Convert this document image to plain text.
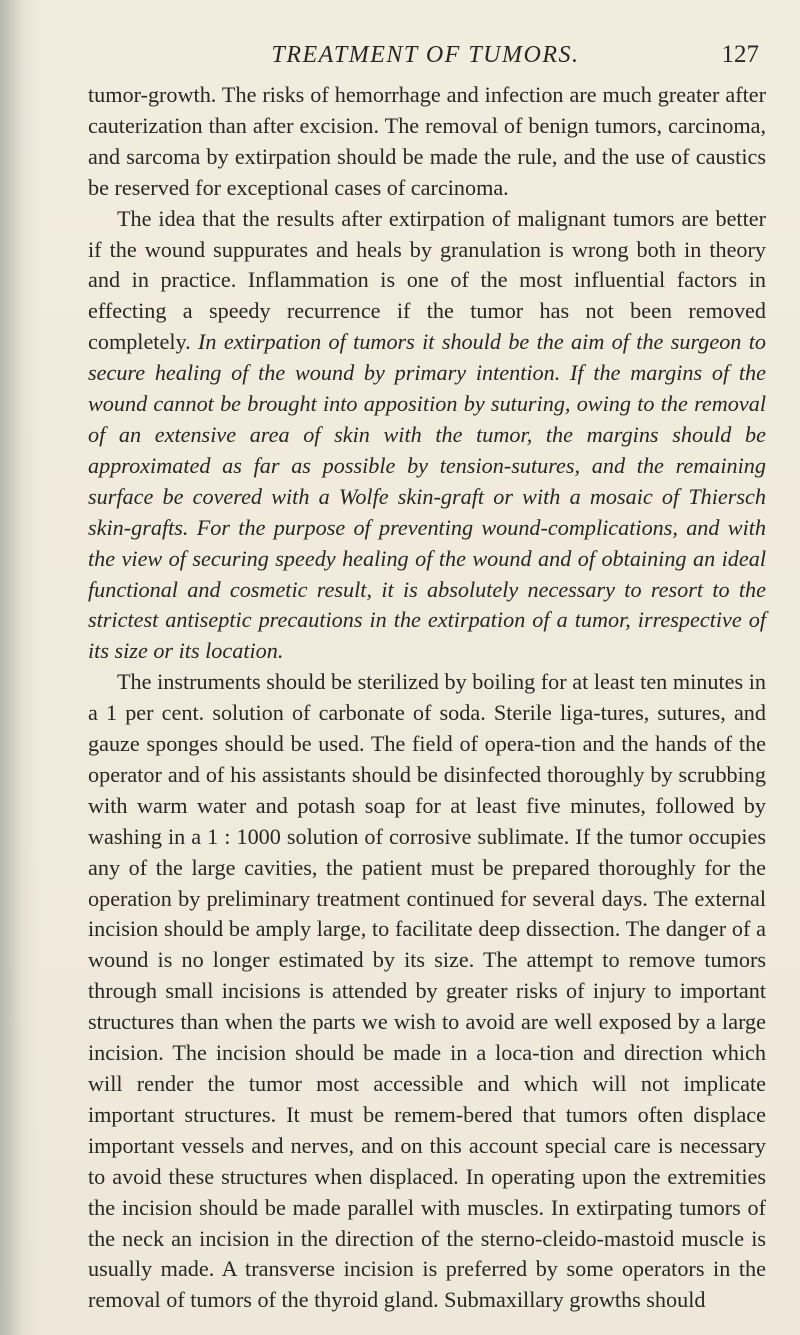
TREATMENT OF TUMORS.	127

tumor-growth. The risks of hemorrhage and infection are much greater after cauterization than after excision. The removal of benign tumors, carcinoma, and sarcoma by extirpation should be made the rule, and the use of caustics be reserved for exceptional cases of carcinoma.

The idea that the results after extirpation of malignant tumors are better if the wound suppurates and heals by granulation is wrong both in theory and in practice. Inflammation is one of the most influential factors in effecting a speedy recurrence if the tumor has not been removed completely. In extirpation of tumors it should be the aim of the surgeon to secure healing of the wound by primary intention. If the margins of the wound cannot be brought into apposition by suturing, owing to the removal of an extensive area of skin with the tumor, the margins should be approximated as far as possible by tension-sutures, and the remaining surface be covered with a Wolfe skin-graft or with a mosaic of Thiersch skin-grafts. For the purpose of preventing wound-complications, and with the view of securing speedy healing of the wound and of obtaining an ideal functional and cosmetic result, it is absolutely necessary to resort to the strictest antiseptic precautions in the extirpation of a tumor, irrespective of its size or its location.

The instruments should be sterilized by boiling for at least ten minutes in a 1 per cent. solution of carbonate of soda. Sterile liga-tures, sutures, and gauze sponges should be used. The field of opera-tion and the hands of the operator and of his assistants should be disinfected thoroughly by scrubbing with warm water and potash soap for at least five minutes, followed by washing in a 1 : 1000 solution of corrosive sublimate. If the tumor occupies any of the large cavities, the patient must be prepared thoroughly for the operation by preliminary treatment continued for several days. The external incision should be amply large, to facilitate deep dissection. The danger of a wound is no longer estimated by its size. The attempt to remove tumors through small incisions is attended by greater risks of injury to important structures than when the parts we wish to avoid are well exposed by a large incision. The incision should be made in a loca-tion and direction which will render the tumor most accessible and which will not implicate important structures. It must be remem-bered that tumors often displace important vessels and nerves, and on this account special care is necessary to avoid these structures when displaced. In operating upon the extremities the incision should be made parallel with muscles. In extirpating tumors of the neck an incision in the direction of the sterno-cleido-mastoid muscle is usually made. A transverse incision is preferred by some operators in the removal of tumors of the thyroid gland. Submaxillary growths should
